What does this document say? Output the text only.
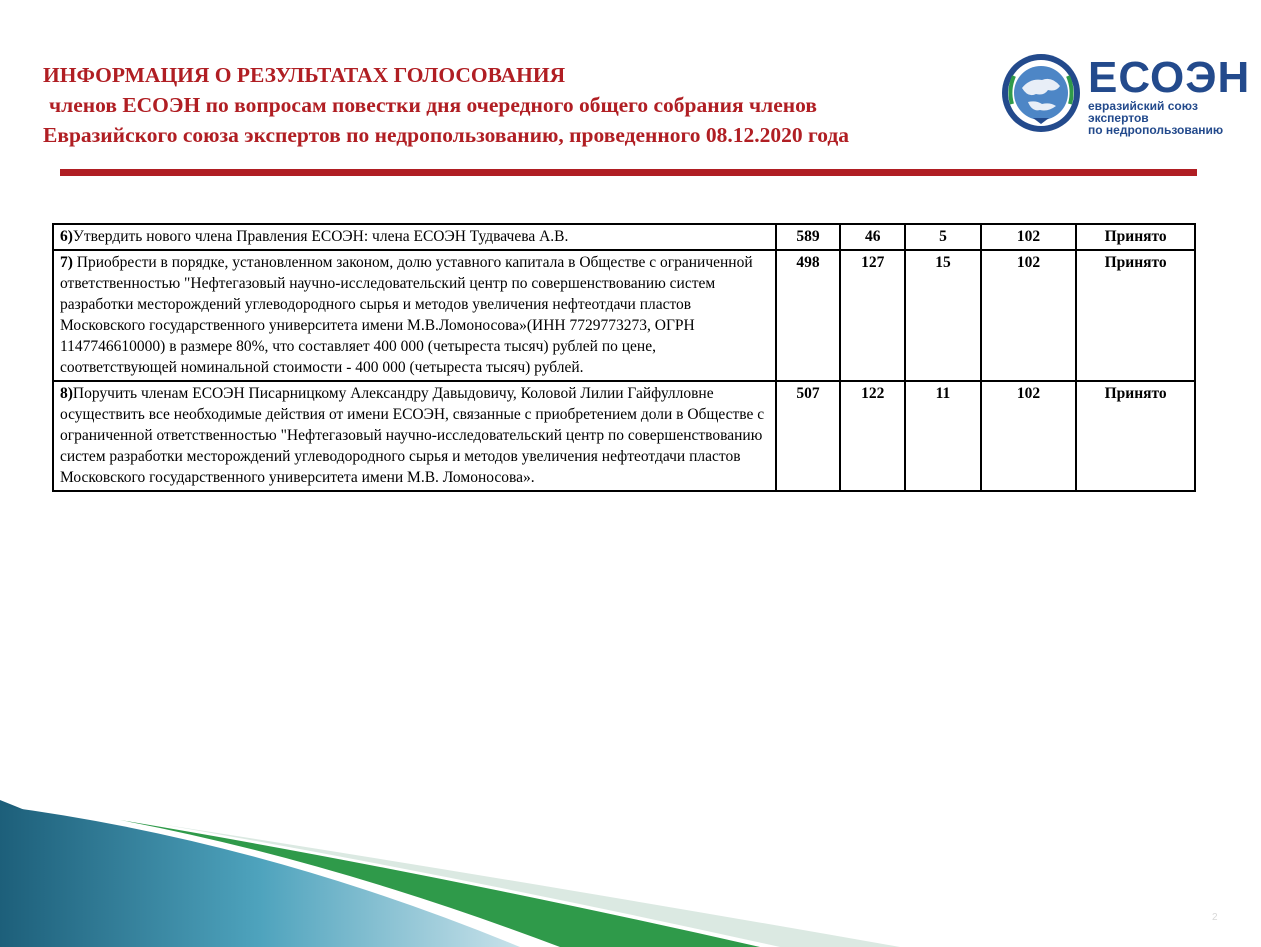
ИНФОРМАЦИЯ О РЕЗУЛЬТАТАХ ГОЛОСОВАНИЯ
членов ЕСОЭН по вопросам повестки дня очередного общего собрания членов
Евразийского союза экспертов по недропользованию, проведенного 08.12.2020 года
ЕСОЭН
евразийский союз экспертов
по недропользованию
6)Утвердить нового члена Правления ЕСОЭН: члена ЕСОЭН Тудвачева А.В.	589	46	5	102	Принято
7) Приобрести в порядке, установленном законом, долю уставного капитала в Обществе с ограниченной ответственностью "Нефтегазовый научно-исследовательский центр по совершенствованию систем разработки месторождений углеводородного сырья и методов увеличения нефтеотдачи пластов Московского государственного университета имени М.В.Ломоносова»(ИНН 7729773273, ОГРН 1147746610000) в размере 80%, что составляет 400 000 (четыреста тысяч) рублей по цене, соответствующей номинальной стоимости - 400 000 (четыреста тысяч) рублей.	498	127	15	102	Принято
8)Поручить членам ЕСОЭН Писарницкому Александру Давыдовичу, Коловой Лилии Гайфулловне осуществить все необходимые действия от имени ЕСОЭН, связанные с приобретением доли в Обществе с ограниченной ответственностью "Нефтегазовый научно-исследовательский центр по совершенствованию систем разработки месторождений углеводородного сырья и методов увеличения нефтеотдачи пластов Московского государственного университета имени М.В. Ломоносова».	507	122	11	102	Принято
2
